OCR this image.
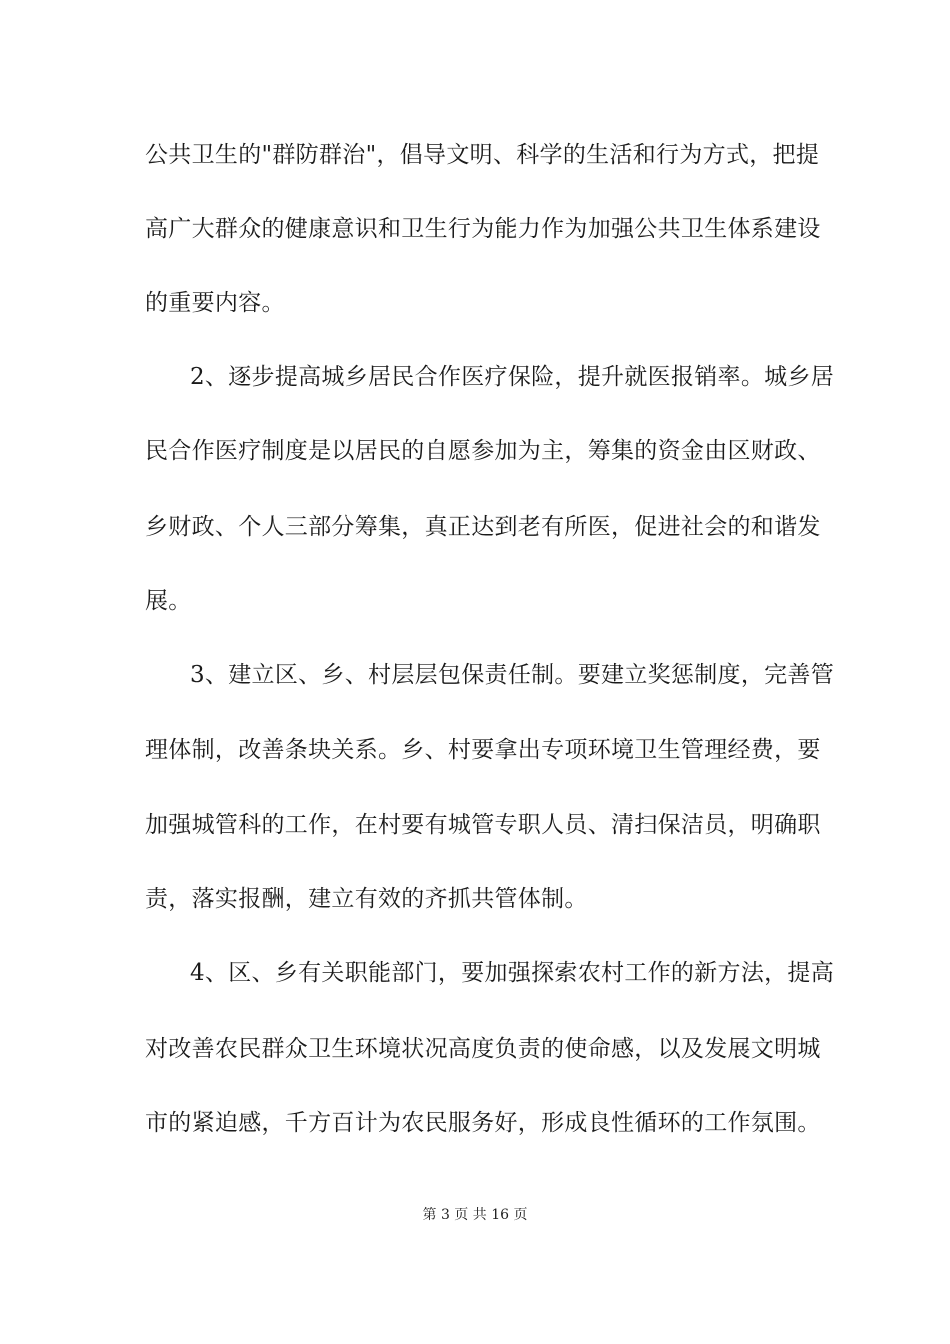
公共卫生的"群防群治"，倡导文明、科学的生活和行为方式，把提
高广大群众的健康意识和卫生行为能力作为加强公共卫生体系建设
的重要内容。
2、逐步提高城乡居民合作医疗保险，提升就医报销率。城乡居
民合作医疗制度是以居民的自愿参加为主，筹集的资金由区财政、
乡财政、个人三部分筹集，真正达到老有所医，促进社会的和谐发
展。
3、建立区、乡、村层层包保责任制。要建立奖惩制度，完善管
理体制，改善条块关系。乡、村要拿出专项环境卫生管理经费，要
加强城管科的工作，在村要有城管专职人员、清扫保洁员，明确职
责，落实报酬，建立有效的齐抓共管体制。
4、区、乡有关职能部门，要加强探索农村工作的新方法，提高
对改善农民群众卫生环境状况高度负责的使命感，以及发展文明城
市的紧迫感，千方百计为农民服务好，形成良性循环的工作氛围。
第 3 页 共 16 页
